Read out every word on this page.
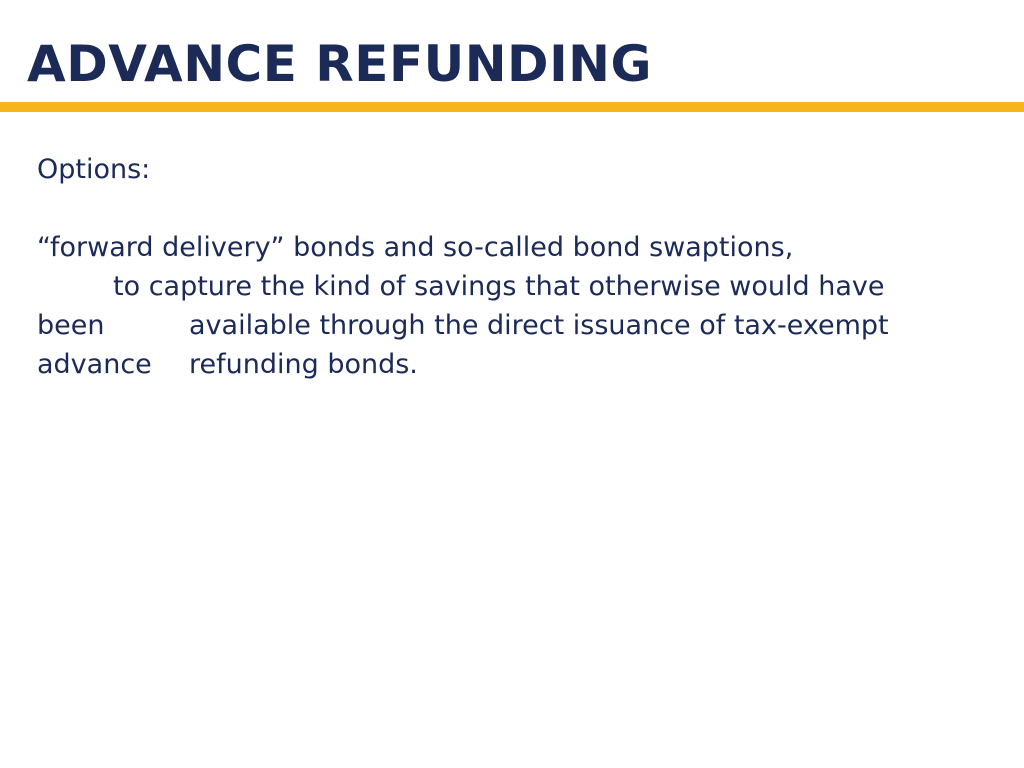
ADVANCE REFUNDING
Options:
“forward delivery” bonds and so-called bond swaptions,
to capture the kind of savings that otherwise would have
been	available through the direct issuance of tax-exempt
advance refunding bonds.
